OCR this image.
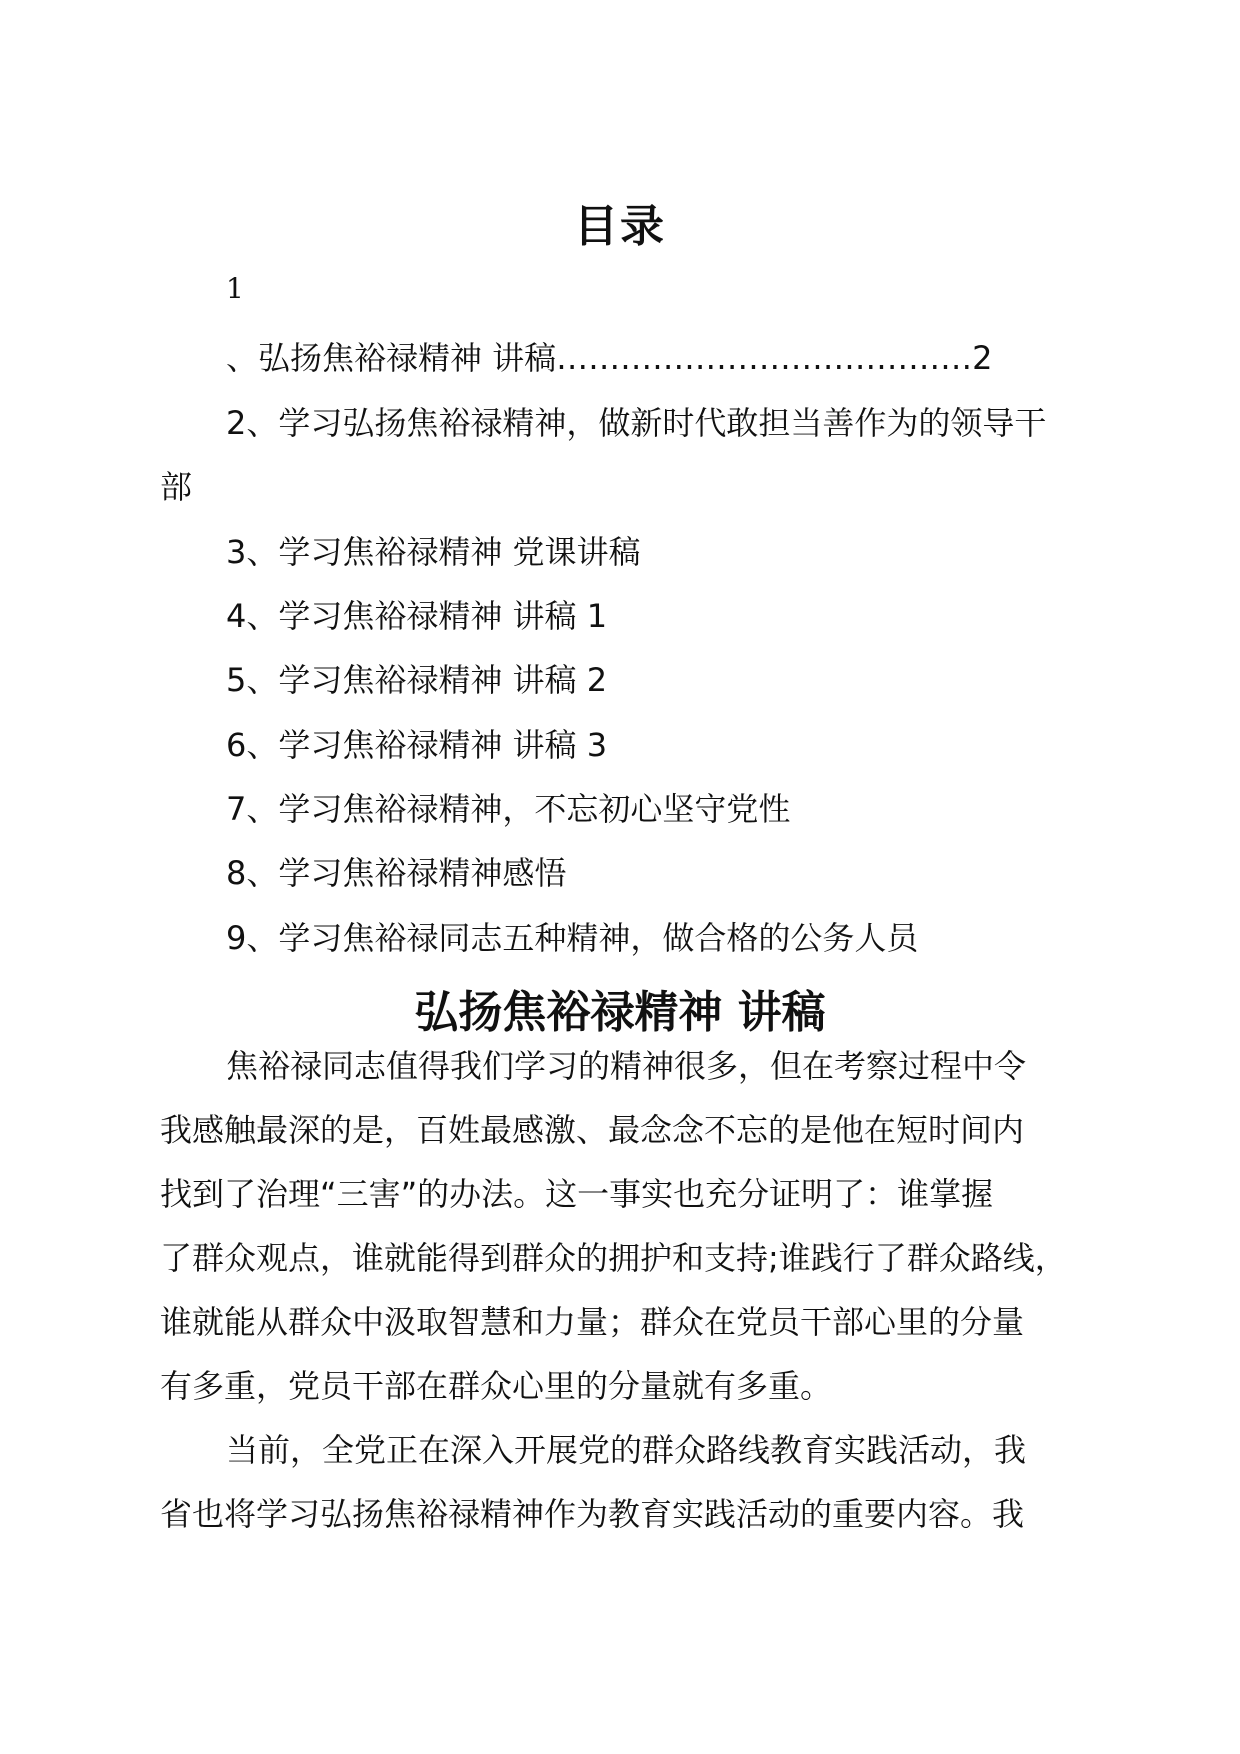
目录
1
、弘扬焦裕禄精神 讲稿…………………………………2
2、学习弘扬焦裕禄精神，做新时代敢担当善作为的领导干
部
3、学习焦裕禄精神 党课讲稿
4、学习焦裕禄精神 讲稿 1
5、学习焦裕禄精神 讲稿 2
6、学习焦裕禄精神 讲稿 3
7、学习焦裕禄精神，不忘初心坚守党性
8、学习焦裕禄精神感悟
9、学习焦裕禄同志五种精神，做合格的公务人员
弘扬焦裕禄精神 讲稿
焦裕禄同志值得我们学习的精神很多，但在考察过程中令
我感触最深的是，百姓最感激、最念念不忘的是他在短时间内
找到了治理“三害”的办法。这一事实也充分证明了：谁掌握
了群众观点，谁就能得到群众的拥护和支持;谁践行了群众路线，
谁就能从群众中汲取智慧和力量；群众在党员干部心里的分量
有多重，党员干部在群众心里的分量就有多重。
当前，全党正在深入开展党的群众路线教育实践活动，我
省也将学习弘扬焦裕禄精神作为教育实践活动的重要内容。我
